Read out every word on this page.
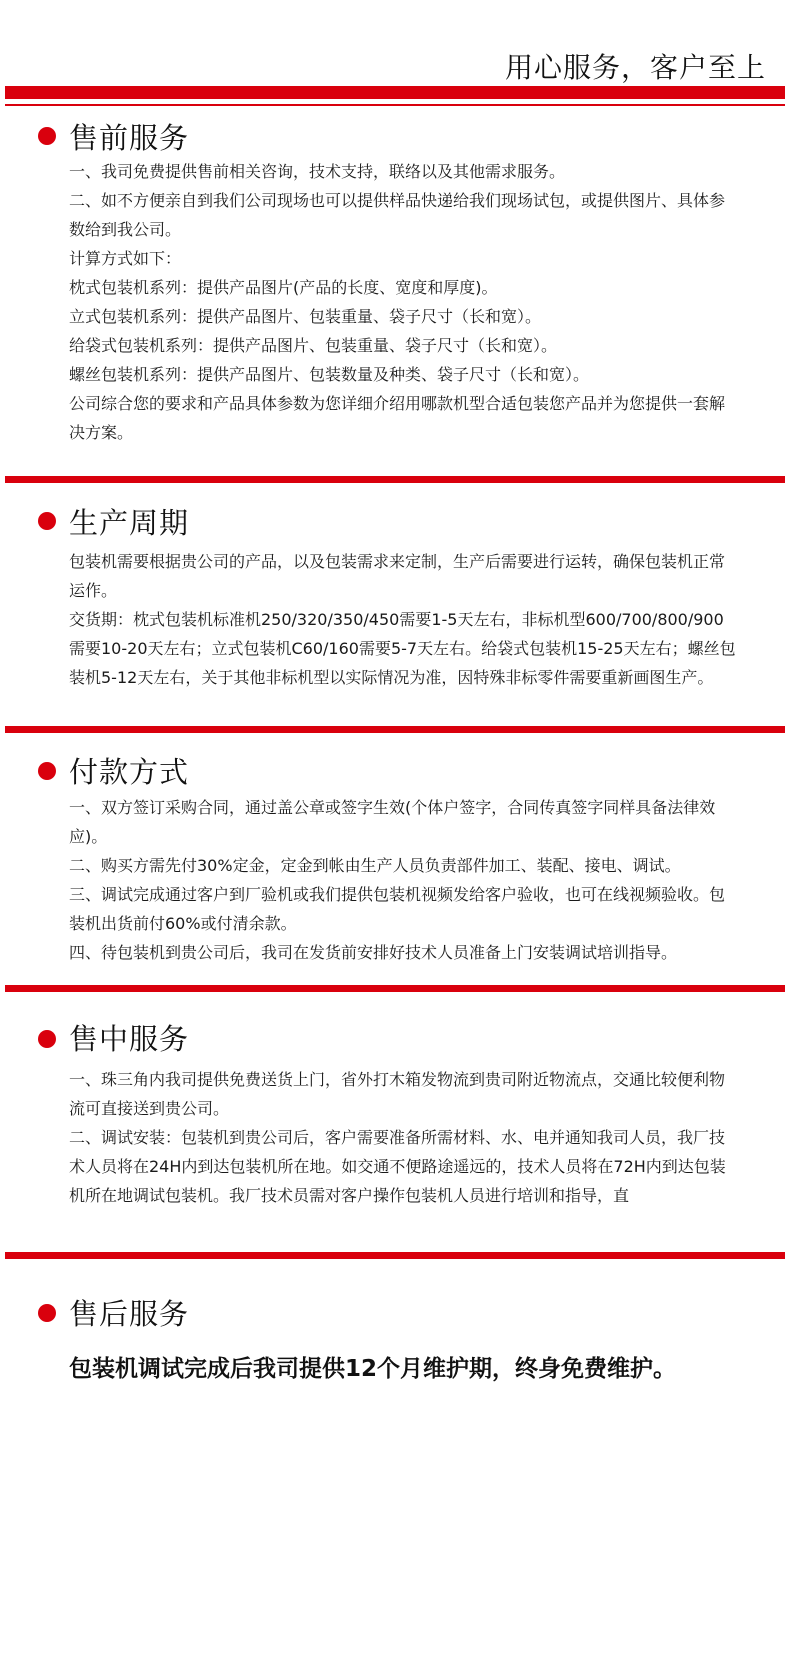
用心服务，客户至上
售前服务

一、我司免费提供售前相关咨询，技术支持，联络以及其他需求服务。

二、如不方便亲自到我们公司现场也可以提供样品快递给我们现场试包，或提供图片、具体参数给到我公司。

计算方式如下：

枕式包装机系列：提供产品图片(产品的长度、宽度和厚度)。

立式包装机系列：提供产品图片、包装重量、袋子尺寸（长和宽）。

给袋式包装机系列：提供产品图片、包装重量、袋子尺寸（长和宽）。

螺丝包装机系列：提供产品图片、包装数量及种类、袋子尺寸（长和宽）。

公司综合您的要求和产品具体参数为您详细介绍用哪款机型合适包装您产品并为您提供一套解决方案。

生产周期

包装机需要根据贵公司的产品，以及包装需求来定制，生产后需要进行运转，确保包装机正常运作。

交货期：枕式包装机标准机250/320/350/450需要1-5天左右，非标机型600/700/800/900需要10-20天左右；立式包装机C60/160需要5-7天左右。给袋式包装机15-25天左右；螺丝包装机5-12天左右，关于其他非标机型以实际情况为准，因特殊非标零件需要重新画图生产。

付款方式

一、双方签订采购合同，通过盖公章或签字生效(个体户签字，合同传真签字同样具备法律效应)。

二、购买方需先付30%定金，定金到帐由生产人员负责部件加工、装配、接电、调试。

三、调试完成通过客户到厂验机或我们提供包装机视频发给客户验收，也可在线视频验收。包装机出货前付60%或付清余款。

四、待包装机到贵公司后，我司在发货前安排好技术人员准备上门安装调试培训指导。

售中服务

一、珠三角内我司提供免费送货上门，省外打木箱发物流到贵司附近物流点，交通比较便利物流可直接送到贵公司。

二、调试安装：包装机到贵公司后，客户需要准备所需材料、水、电并通知我司人员，我厂技术人员将在24H内到达包装机所在地。如交通不便路途遥远的，技术人员将在72H内到达包装机所在地调试包装机。我厂技术员需对客户操作包装机人员进行培训和指导，直

售后服务
包装机调试完成后我司提供12个月维护期，终身免费维护。
